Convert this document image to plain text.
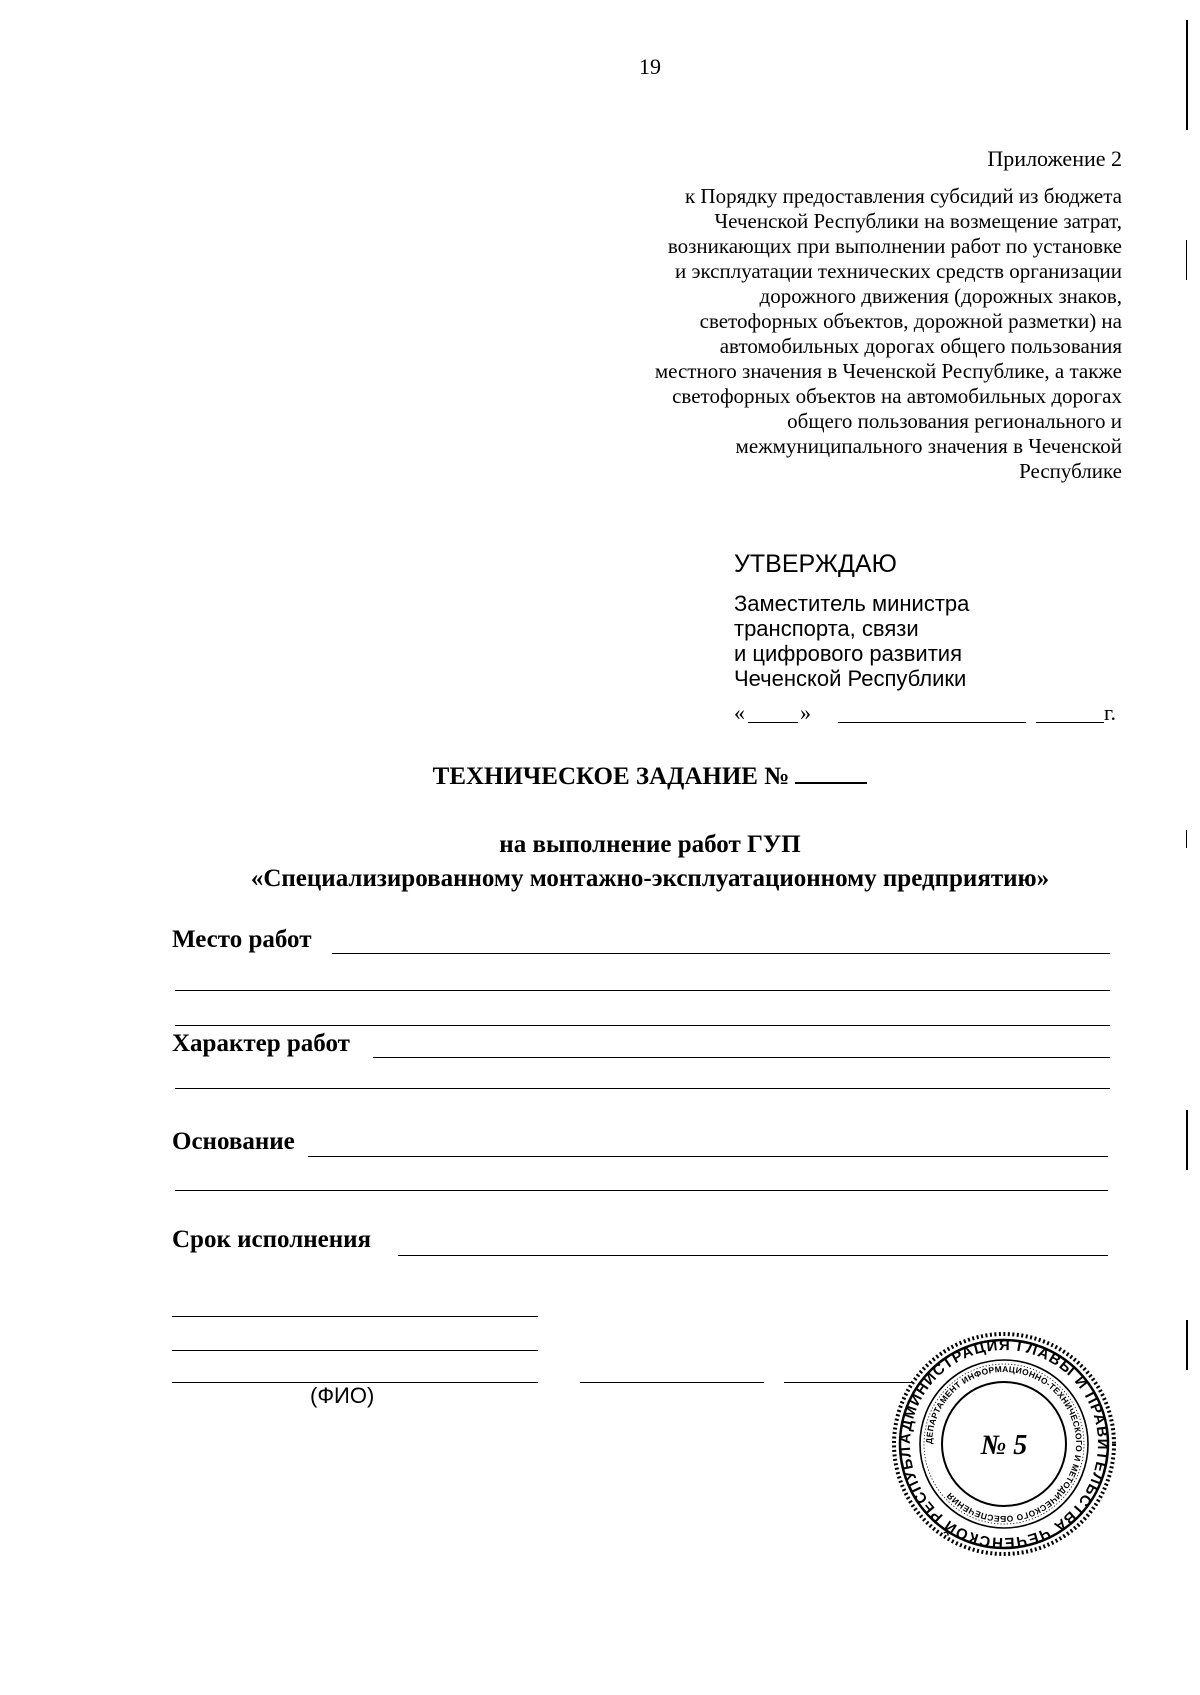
19
Приложение 2
к Порядку предоставления субсидий из бюджета
Чеченской Республики на возмещение затрат,
возникающих при выполнении работ по установке
и эксплуатации технических средств организации
дорожного движения (дорожных знаков,
светофорных объектов, дорожной разметки) на
автомобильных дорогах общего пользования
местного значения в Чеченской Республике, а также
светофорных объектов на автомобильных дорогах
общего пользования регионального и
межмуниципального значения в Чеченской
Республике
УТВЕРЖДАЮ
Заместитель министра
транспорта, связи
и цифрового развития
Чеченской Республики
«	»	г.
ТЕХНИЧЕСКОЕ ЗАДАНИЕ №
на выполнение работ ГУП
«Специализированному монтажно-эксплуатационному предприятию»
Место работ
Характер работ
Основание
Срок исполнения
(ФИО)
АДМИНИСТРАЦИЯ ГЛАВЫ И ПРАВИТЕЛЬСТВА ЧЕЧЕНСКОЙ РЕСПУБЛ
ДЕПАРТАМЕНТ ИНФОРМАЦИОННО-ТЕХНИЧЕСКОГО И МЕТОДИЧЕСКОГО ОБЕСПЕЧЕНИЯ
№ 5
